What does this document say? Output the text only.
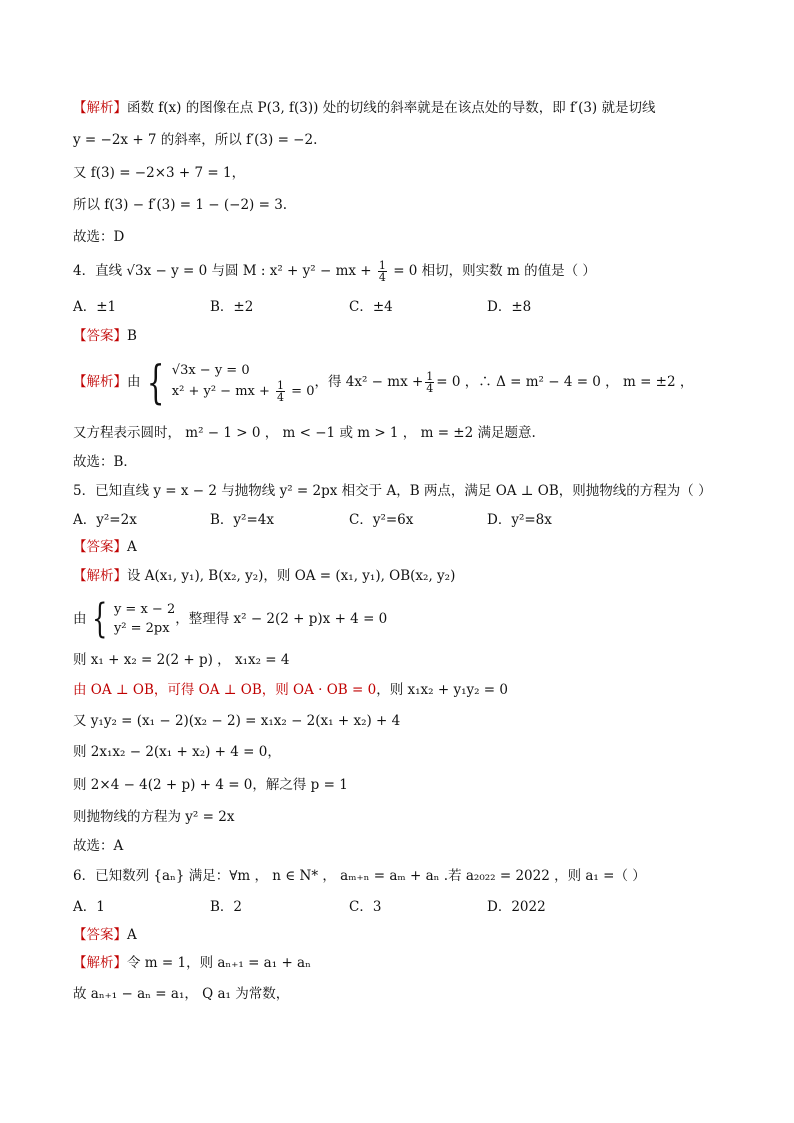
【解析】函数 f(x) 的图像在点 P(3, f(3)) 处的切线的斜率就是在该点处的导数，即 f′(3) 就是切线
y = −2x + 7 的斜率，所以 f′(3) = −2.
又 f(3) = −2×3 + 7 = 1，
所以 f(3) − f′(3) = 1 − (−2) = 3.
故选：D
4．直线 √3x − y = 0 与圆 M : x² + y² − mx + $\frac{1}{4} = 0$ 相切，则实数 m 的值是（ ）
A．±1	B．±2	C．±4	D．±8
【答案】B
【解析】 由 { √3x − y = 0
x² + y² − mx + $\frac{1}{4} = 0$
，得 4x² − mx + $\frac{1}{4} = 0$ ，∴ Δ = m² − 4 = 0 ， m = ±2 ，
又方程表示圆时， m² − 1 > 0 ， m < −1 或 m > 1 ， m = ±2 满足题意.
故选：B．
5．已知直线 y = x − 2 与抛物线 y² = 2px 相交于 A，B 两点，满足 OA ⊥ OB，则抛物线的方程为（ ）
A．y²=2x	B．y²=4x	C．y²=6x	D．y²=8x
【答案】A
【解析】设 A(x₁, y₁), B(x₂, y₂)，则 OA = (x₁, y₁), OB(x₂, y₂)
由 { y = x − 2
y² = 2px
，整理得 x² − 2(2 + p)x + 4 = 0
则 x₁ + x₂ = 2(2 + p) ， x₁x₂ = 4
由 OA ⊥ OB，可得 OA ⊥ OB，则 OA · OB = 0，则 x₁x₂ + y₁y₂ = 0
又 y₁y₂ = (x₁ − 2)(x₂ − 2) = x₁x₂ − 2(x₁ + x₂) + 4
则 2x₁x₂ − 2(x₁ + x₂) + 4 = 0，
则 2×4 − 4(2 + p) + 4 = 0，解之得 p = 1
则抛物线的方程为 y² = 2x
故选：A
6．已知数列 {aₙ} 满足：∀m ， n ∈ N* ， aₘ₊ₙ = aₘ + aₙ .若 a₂₀₂₂ = 2022 ，则 a₁ =（ ）
A．1	B．2	C．3	D．2022
【答案】A
【解析】令 m = 1，则 aₙ₊₁ = a₁ + aₙ
故 aₙ₊₁ − aₙ = a₁， Q a₁ 为常数，
